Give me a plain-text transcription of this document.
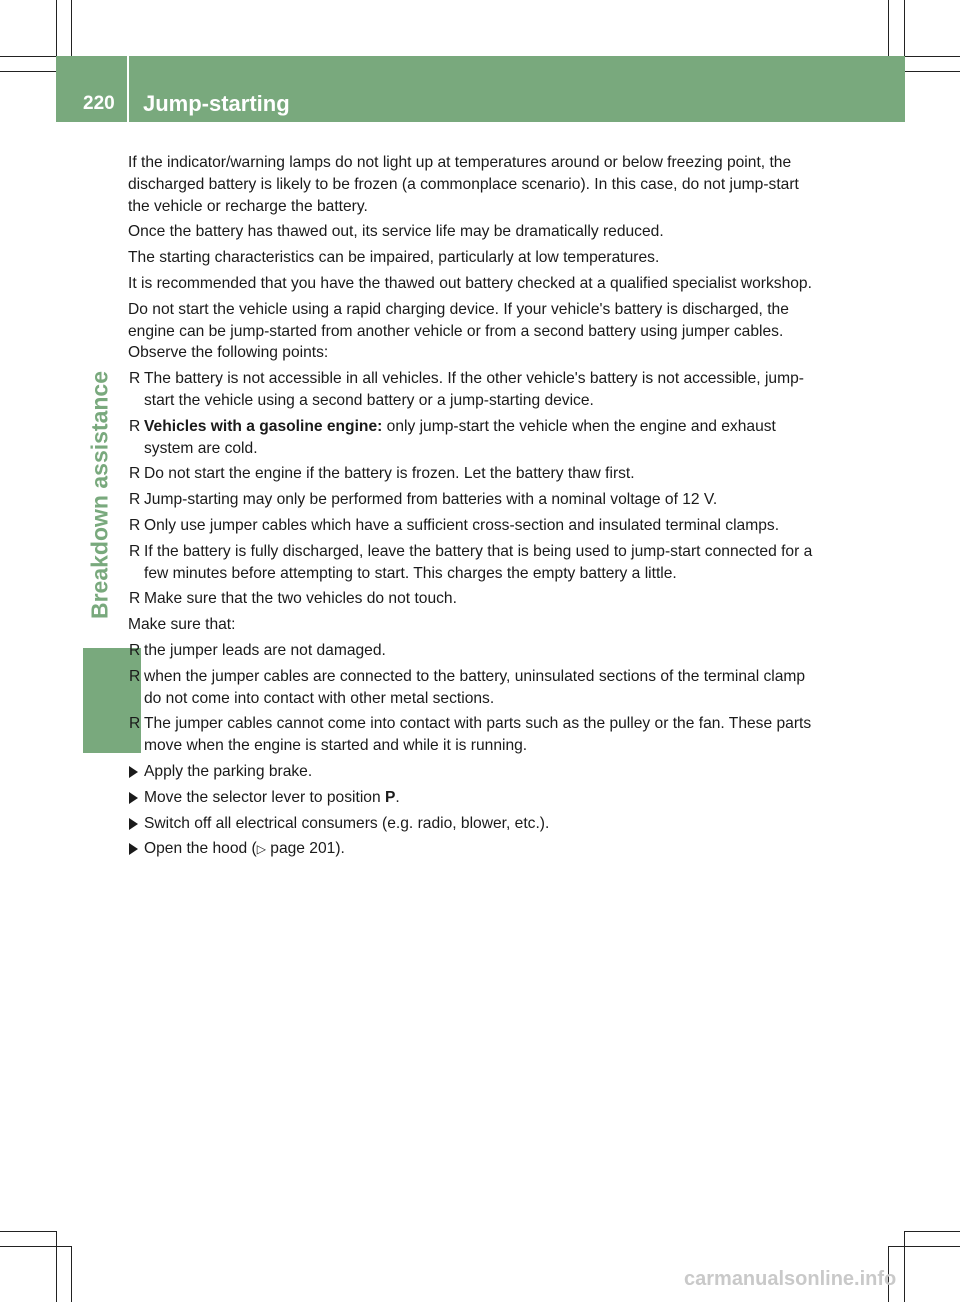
220 Jump-starting
Breakdown assistance

If the indicator/warning lamps do not light up at temperatures around or below freezing point, the discharged battery is likely to be frozen (a commonplace scenario). In this case, do not jump-start the vehicle or recharge the battery.

Once the battery has thawed out, its service life may be dramatically reduced.

The starting characteristics can be impaired, particularly at low temperatures.

It is recommended that you have the thawed out battery checked at a qualified specialist workshop.

Do not start the vehicle using a rapid charging device. If your vehicle's battery is discharged, the engine can be jump-started from another vehicle or from a second battery using jumper cables. Observe the following points:

R The battery is not accessible in all vehicles. If the other vehicle's battery is not accessible, jump-start the vehicle using a second battery or a jump-starting device.
R Vehicles with a gasoline engine: only jump-start the vehicle when the engine and exhaust system are cold.
R Do not start the engine if the battery is frozen. Let the battery thaw first.
R Jump-starting may only be performed from batteries with a nominal voltage of 12 V.
R Only use jumper cables which have a sufficient cross-section and insulated terminal clamps.
R If the battery is fully discharged, leave the battery that is being used to jump-start connected for a few minutes before attempting to start. This charges the empty battery a little.
R Make sure that the two vehicles do not touch.

Make sure that:

R the jumper leads are not damaged.
R when the jumper cables are connected to the battery, uninsulated sections of the terminal clamp do not come into contact with other metal sections.
R The jumper cables cannot come into contact with parts such as the pulley or the fan. These parts move when the engine is started and while it is running.
Apply the parking brake.
Move the selector lever to position P.
Switch off all electrical consumers (e.g. radio, blower, etc.).
Open the hood (▷ page 201).
carmanualsonline.info
